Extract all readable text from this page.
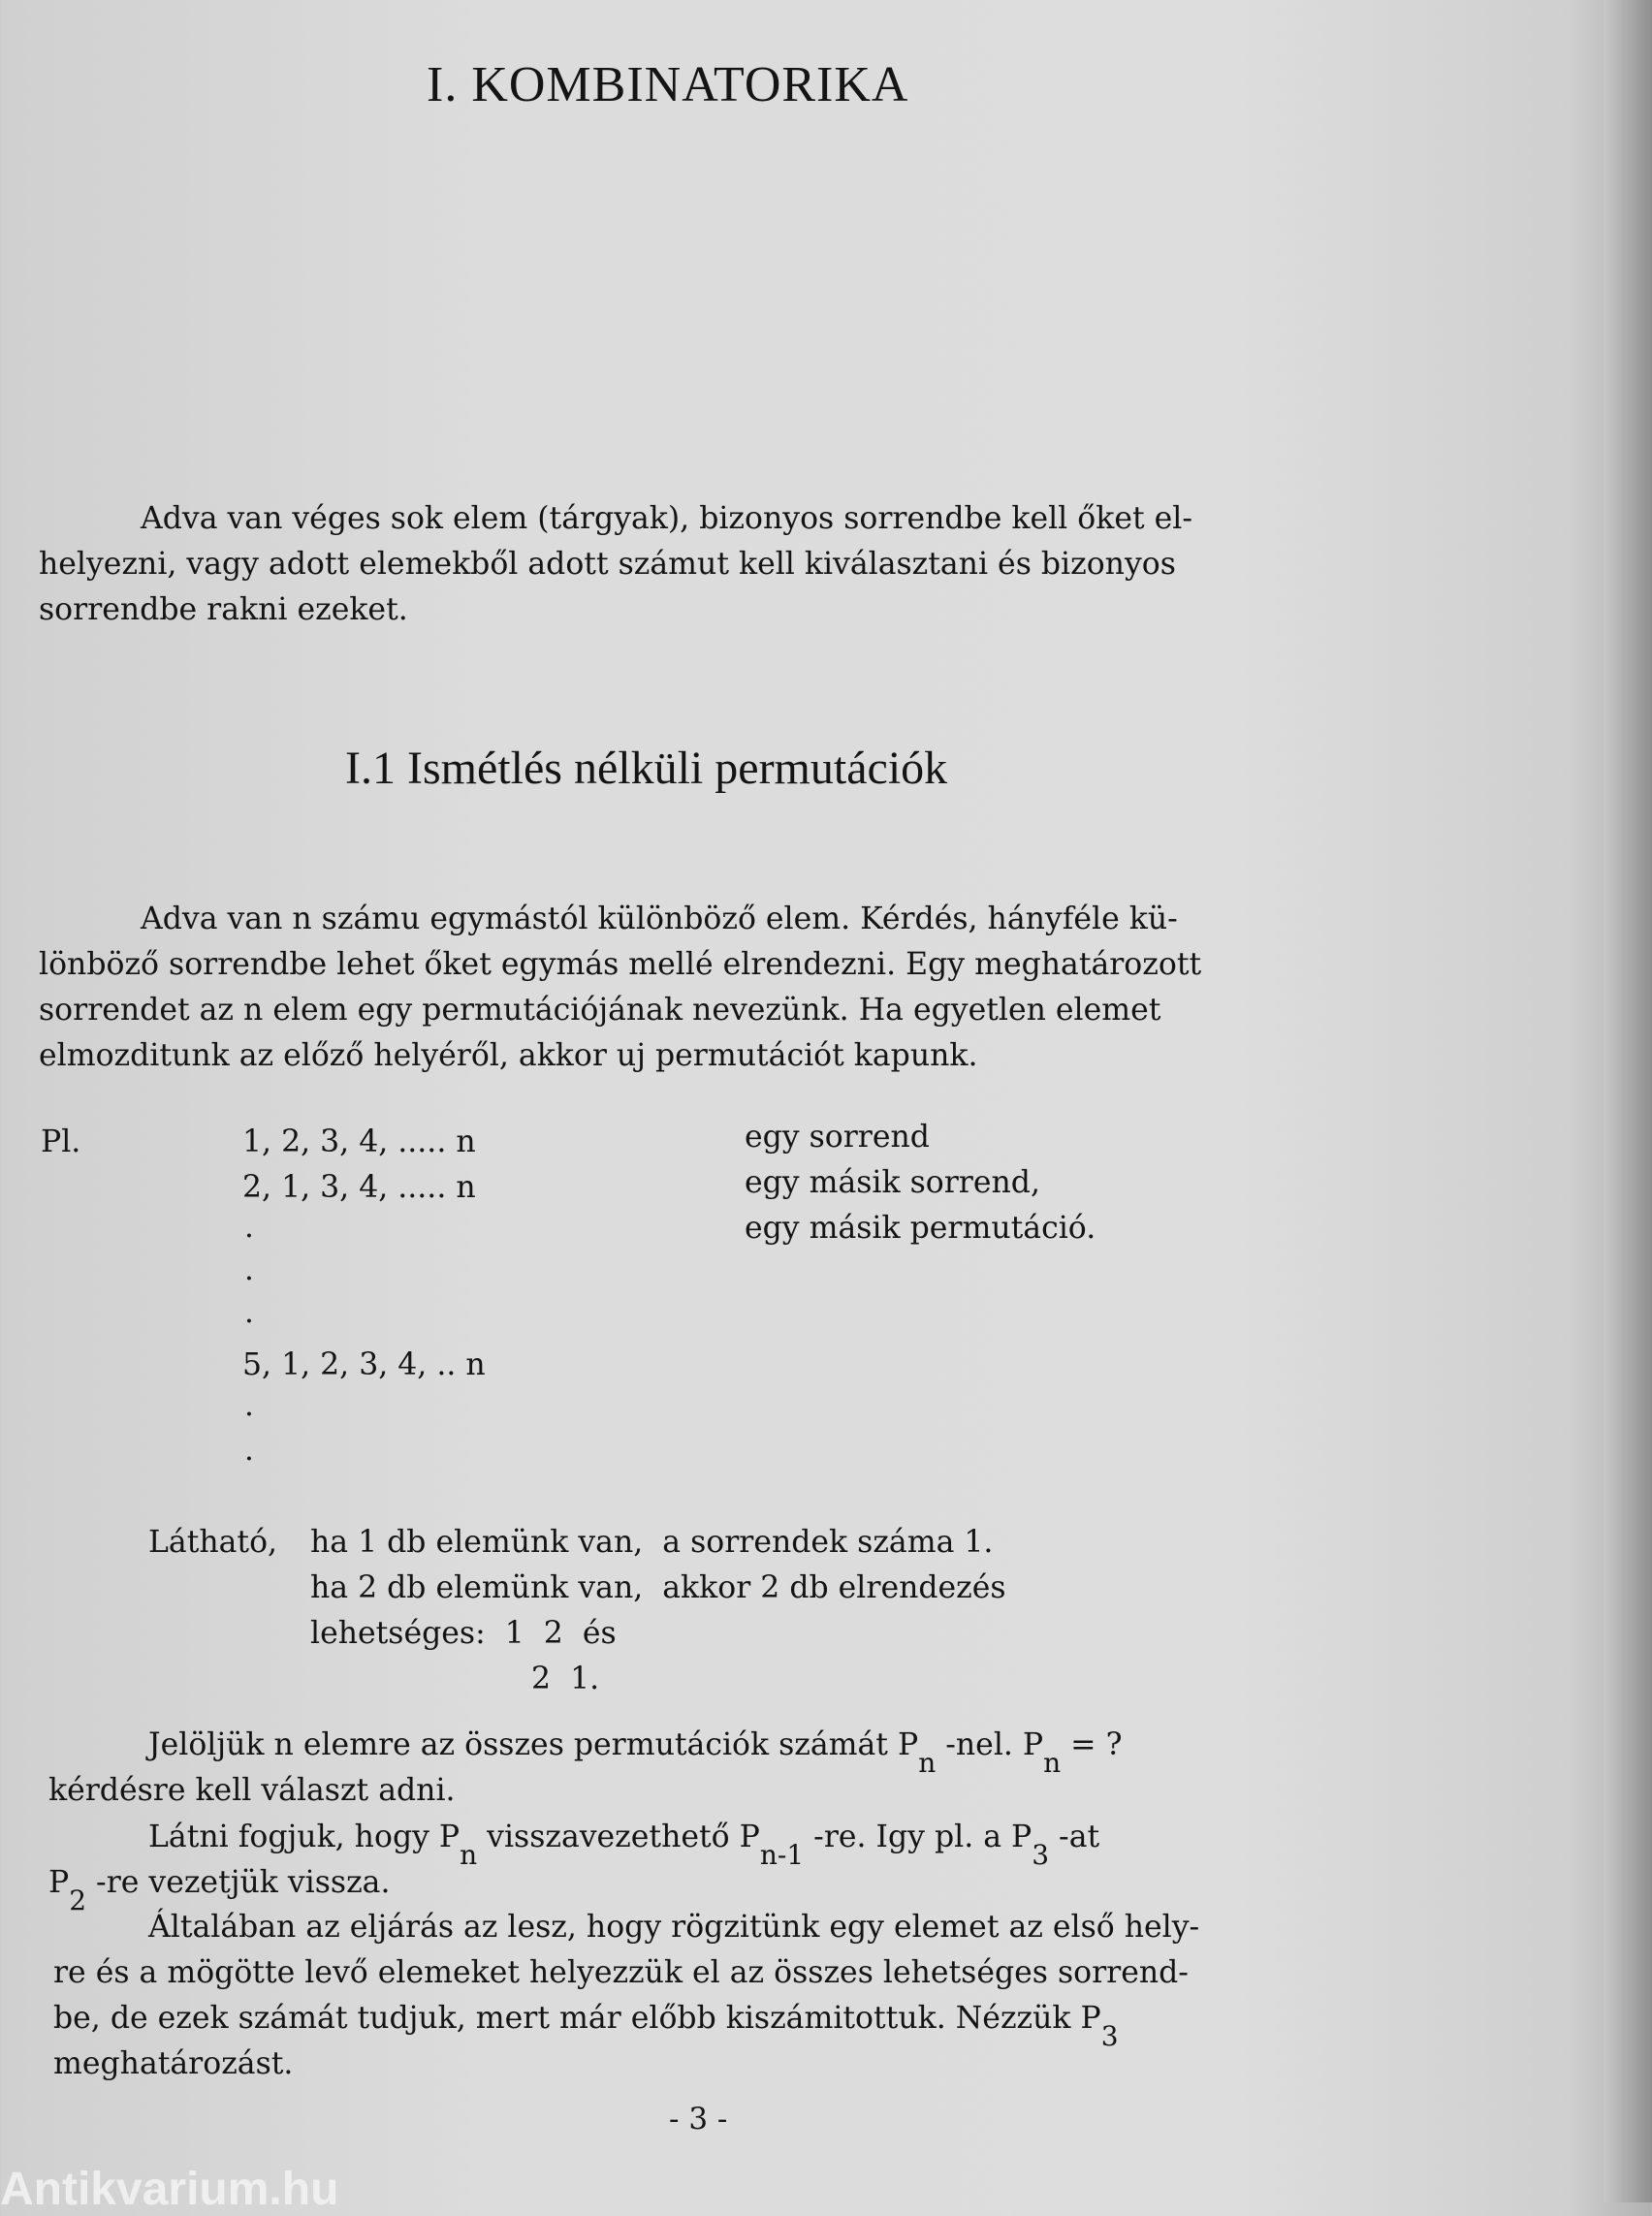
I. KOMBINATORIKA

Adva van véges sok elem (tárgyak), bizonyos sorrendbe kell őket el-

helyezni, vagy adott elemekből adott számut kell kiválasztani és bizonyos

sorrendbe rakni ezeket.

I.1 Ismétlés nélküli permutációk

Adva van n számu egymástól különböző elem. Kérdés, hányféle kü-

lönböző sorrendbe lehet őket egymás mellé elrendezni. Egy meghatározott

sorrendet az n elem egy permutációjának nevezünk. Ha egyetlen elemet

elmozditunk az előző helyéről, akkor uj permutációt kapunk.

Pl.	1, 2, 3, 4, ..... n
2, 1, 3, 4, ..... n
.
.
.
5, 1, 2, 3, 4, .. n
.
.
egy sorrend
egy másik sorrend,
egy másik permutáció.
Látható, ha 1 db elemünk van,  a sorrendek száma 1.
ha 2 db elemünk van,  akkor 2 db elrendezés
lehetséges:  1  2  és
2  1.

Jelöljük n elemre az összes permutációk számát Pn -nel. Pn = ?

kérdésre kell választ adni.

Látni fogjuk, hogy Pn visszavezethető Pn-1 -re. Igy pl. a P3 -at

P2 -re vezetjük vissza.

Általában az eljárás az lesz, hogy rögzitünk egy elemet az első hely-

re és a mögötte levő elemeket helyezzük el az összes lehetséges sorrend-

be, de ezek számát tudjuk, mert már előbb kiszámitottuk. Nézzük P3

meghatározást.

- 3 -
Antikvarium.hu
